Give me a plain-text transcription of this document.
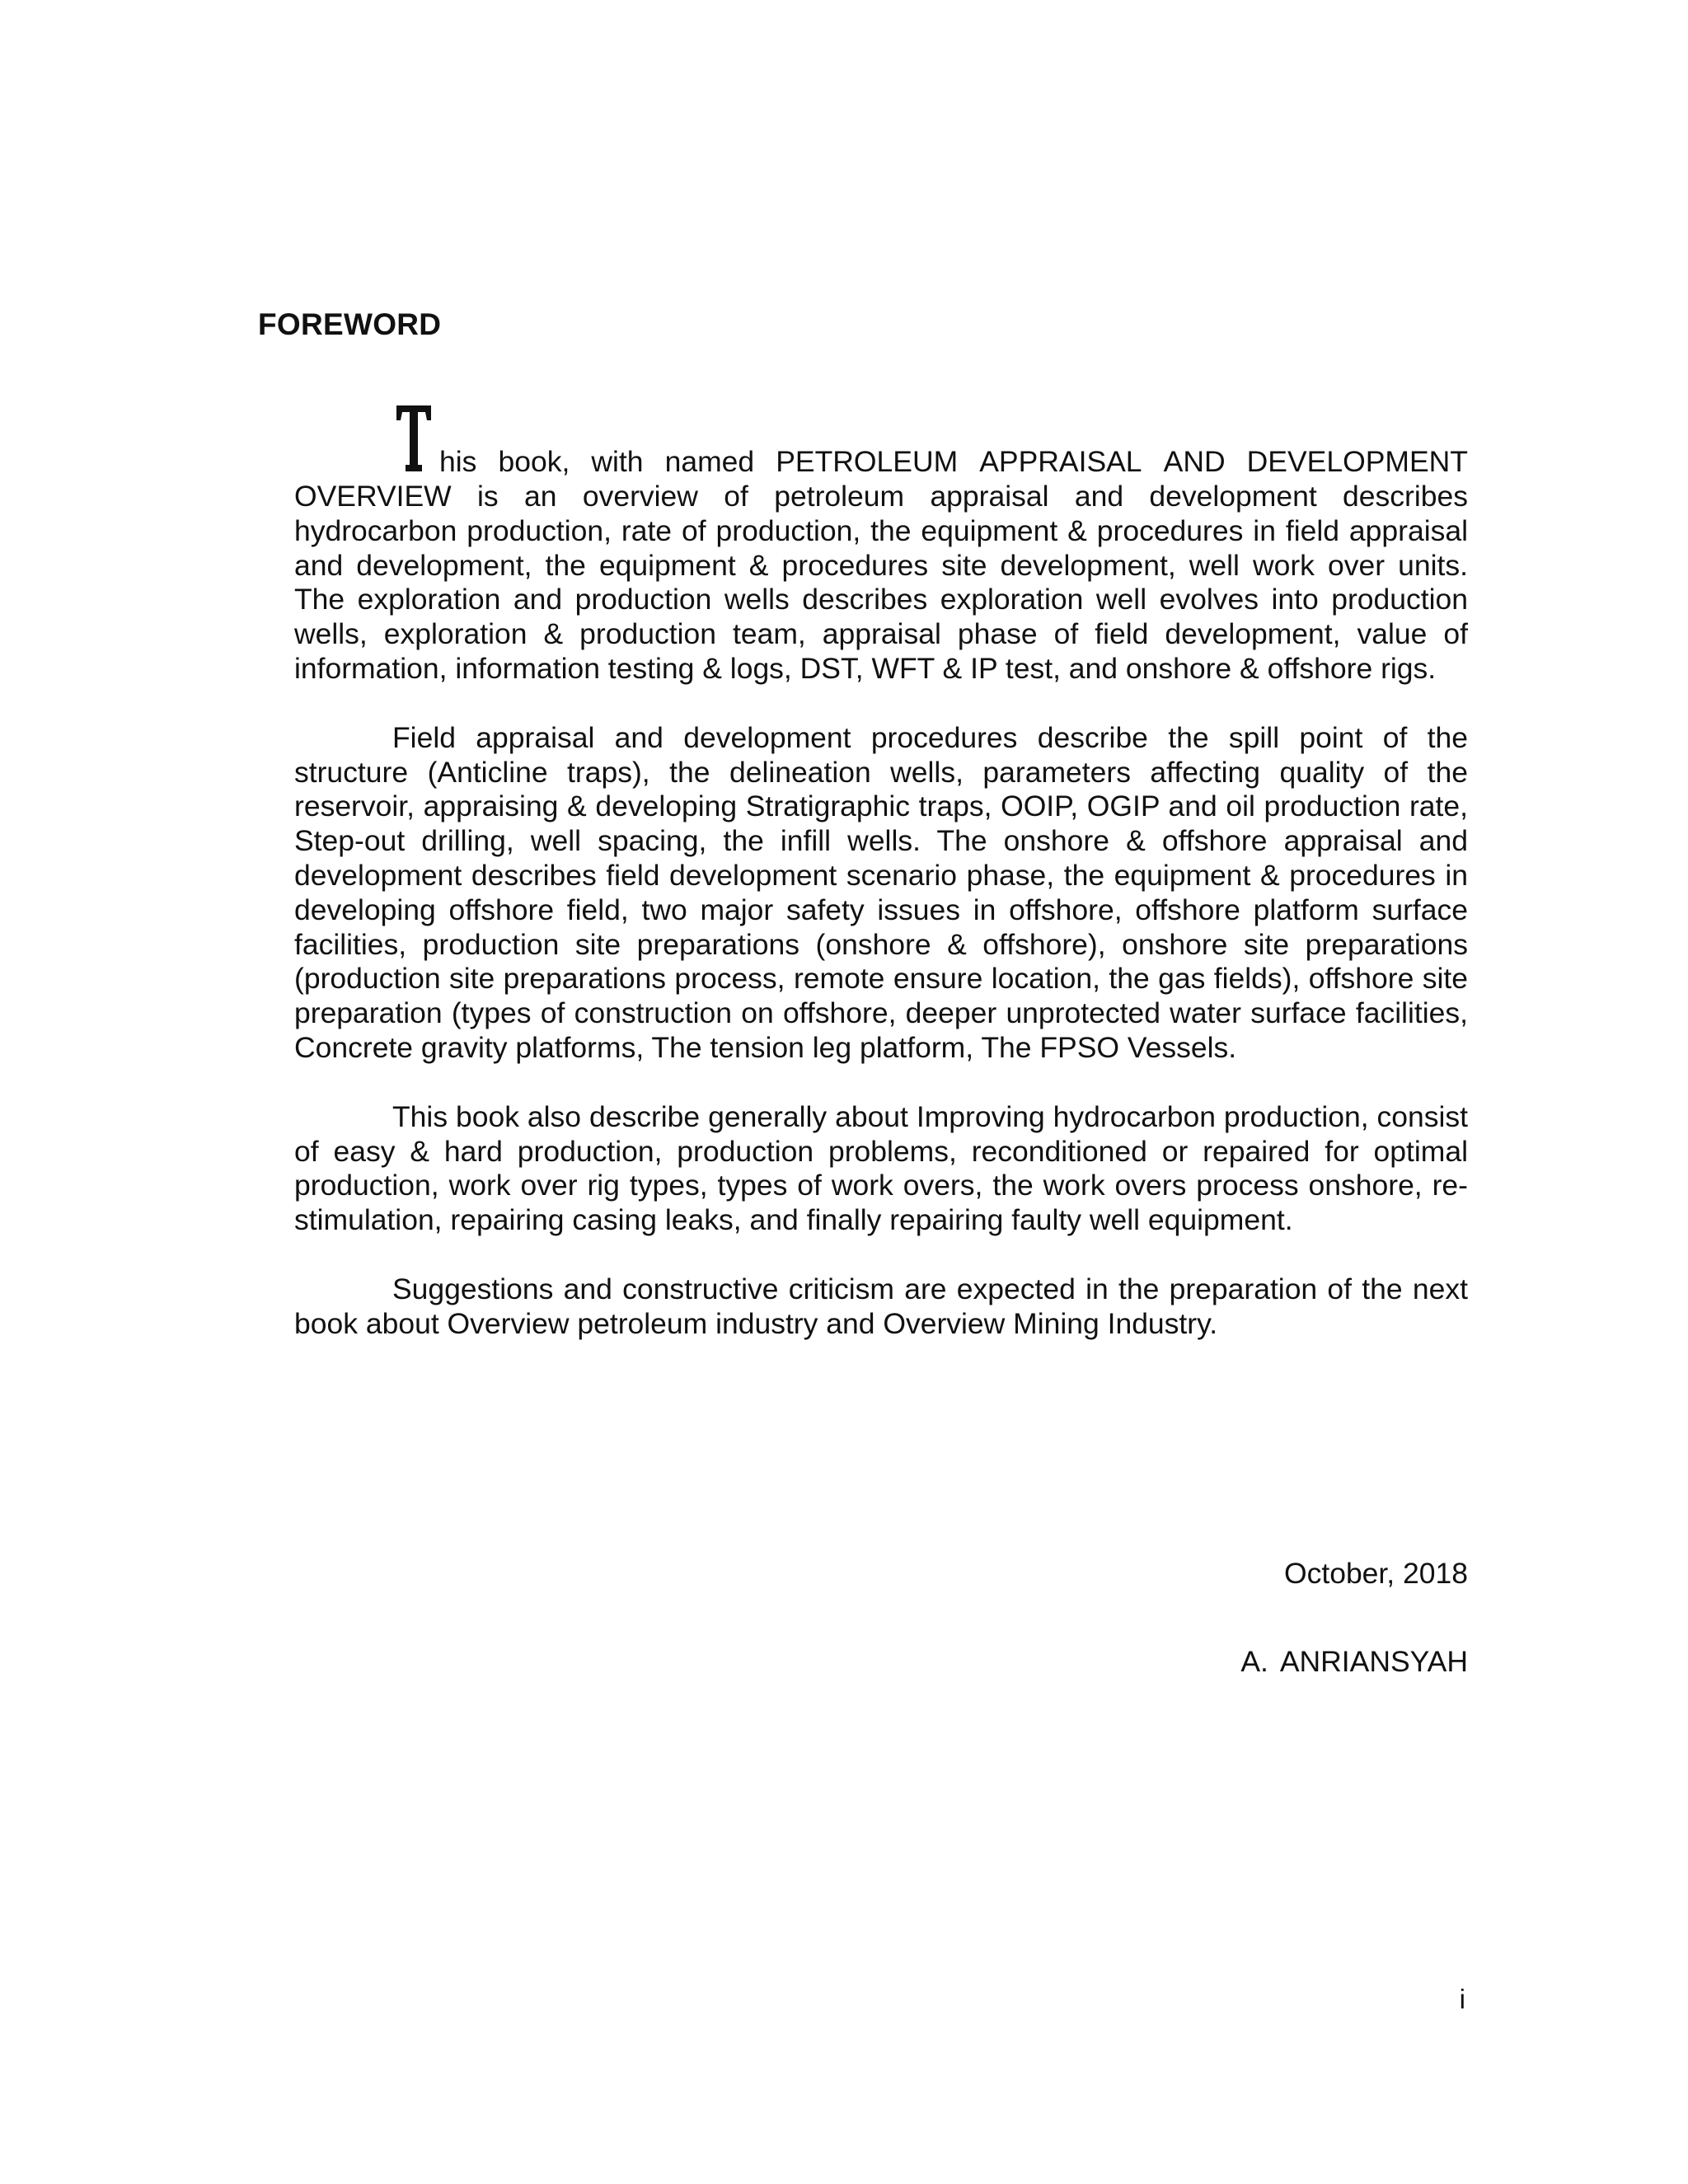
FOREWORD
his book, with named PETROLEUM APPRAISAL AND DEVELOPMENT

OVERVIEW is an overview of petroleum appraisal and development describes hydrocarbon production, rate of production, the equipment & procedures in field appraisal and development, the equipment & procedures site development, well work over units. The exploration and production wells describes exploration well evolves into production wells, exploration & production team, appraisal phase of field development, value of information, information testing & logs, DST, WFT & IP test, and onshore & offshore rigs.

Field appraisal and development procedures describe the spill point of the structure (Anticline traps), the delineation wells, parameters affecting quality of the reservoir, appraising & developing Stratigraphic traps, OOIP, OGIP and oil production rate, Step-out drilling, well spacing, the infill wells. The onshore & offshore appraisal and development describes field development scenario phase, the equipment & procedures in developing offshore field, two major safety issues in offshore, offshore platform surface facilities, production site preparations (onshore & offshore), onshore site preparations (production site preparations process, remote ensure location, the gas fields), offshore site preparation (types of construction on offshore, deeper unprotected water surface facilities, Concrete gravity platforms, The tension leg platform, The FPSO Vessels.

This book also describe generally about Improving hydrocarbon production, consist of easy & hard production, production problems, reconditioned or repaired for optimal production, work over rig types, types of work overs, the work overs process onshore, re-stimulation, repairing casing leaks, and finally repairing faulty well equipment.

Suggestions and constructive criticism are expected in the preparation of the next book about Overview petroleum industry and Overview Mining Industry.

October, 2018

A. ANRIANSYAH

i
